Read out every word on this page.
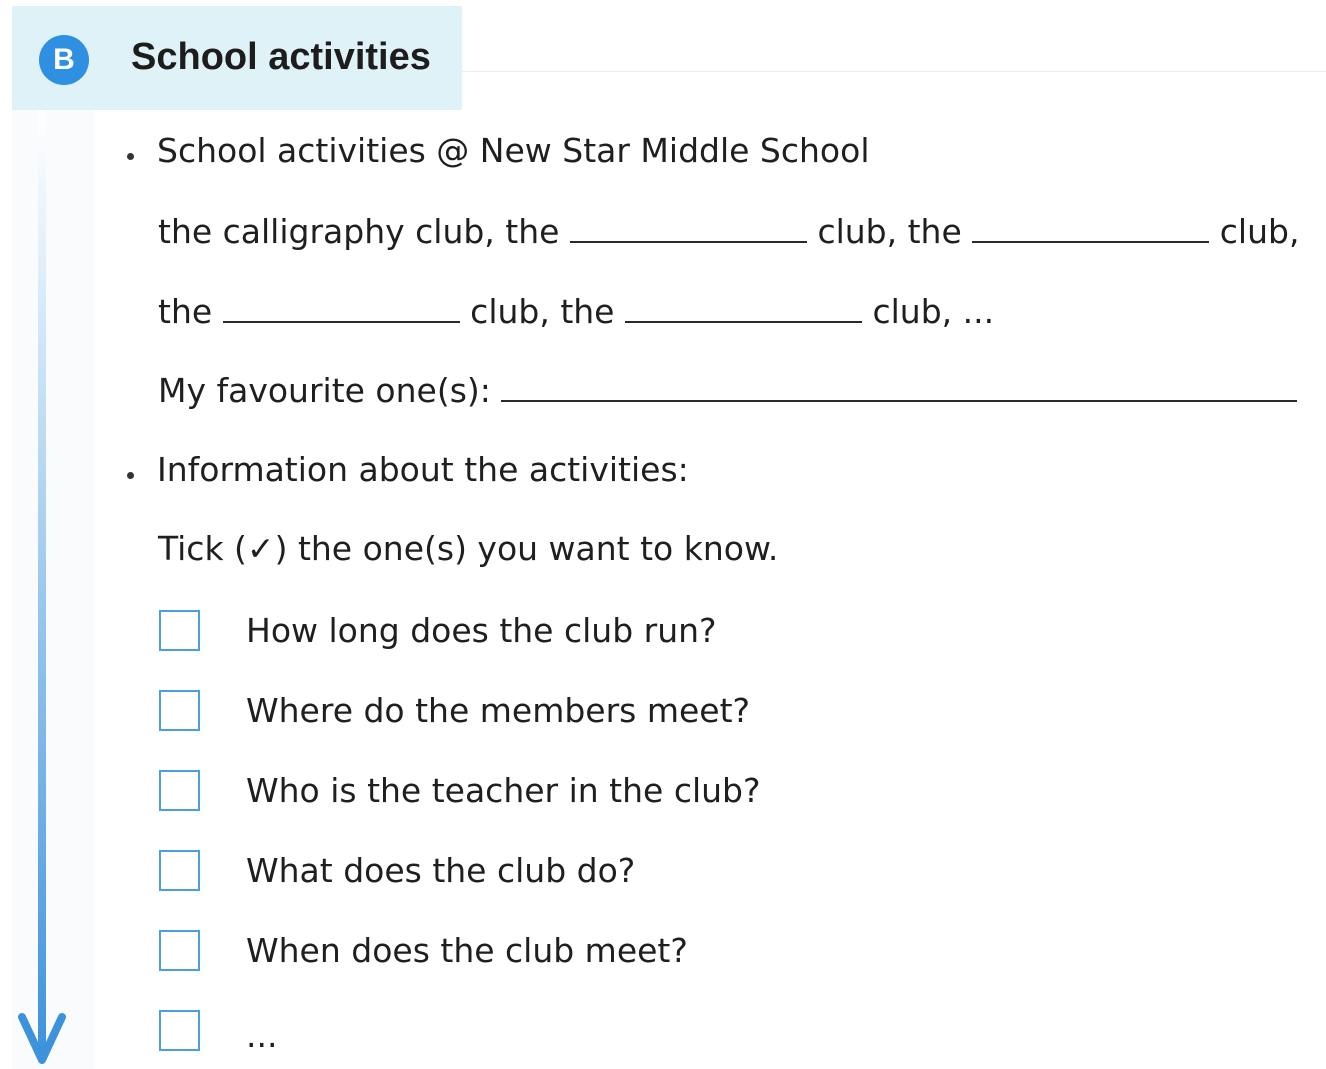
B	School activities
School activities @ New Star Middle School
the calligraphy club, the	club, the	club,
the	club, the	club, ...
My favourite one(s):
Information about the activities:
Tick (✓) the one(s) you want to know.
How long does the club run?
Where do the members meet?
Who is the teacher in the club?
What does the club do?
When does the club meet?
...
